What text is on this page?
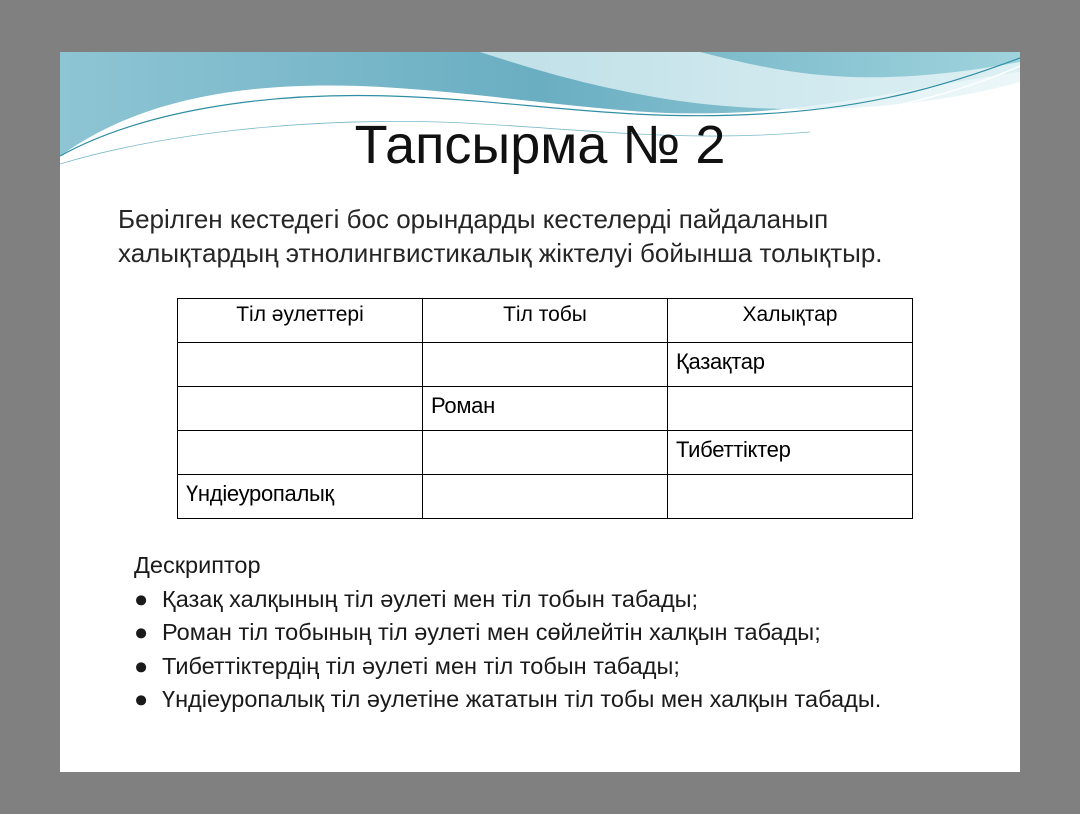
Тапсырма № 2
Берілген кестедегі бос орындарды кестелерді пайдаланып халықтардың этнолингвистикалық жіктелуі бойынша толықтыр.
Тіл әулеттері	Тіл тобы	Халықтар
		Қазақтар
	Роман	
		Тибеттіктер
Үндіеуропалық		
Дескриптор
● Қазақ халқының тіл әулеті мен тіл тобын табады;
● Роман тіл тобының тіл әулеті мен сөйлейтін халқын табады;
● Тибеттіктердің тіл әулеті мен тіл тобын табады;
● Үндіеуропалық тіл әулетіне жататын тіл тобы мен халқын табады.
